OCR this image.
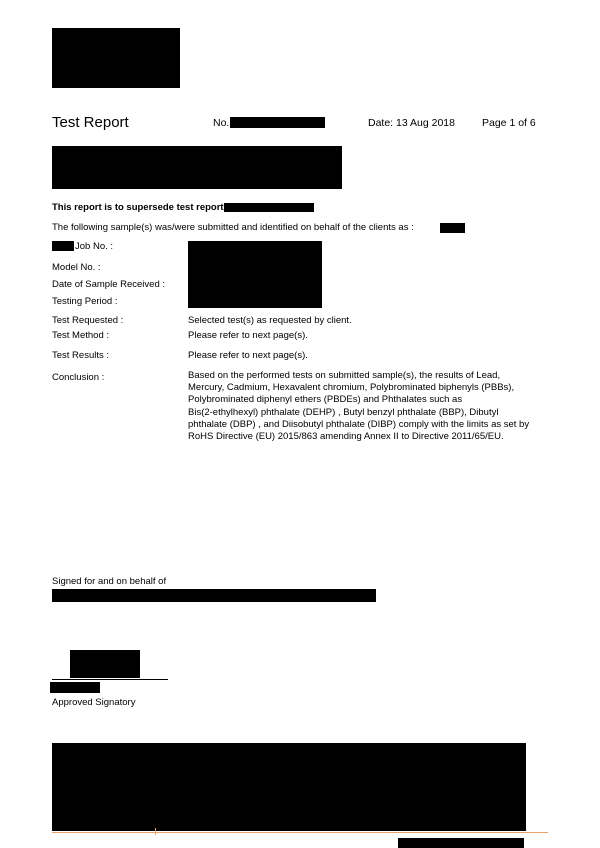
Test Report	No.	Date: 13 Aug 2018	Page 1 of 6
This report is to supersede test report
The following sample(s) was/were submitted and identified on behalf of the clients as :
Job No. :
Model No. :
Date of Sample Received :
Testing Period :
Test Requested :	Selected test(s) as requested by client.
Test Method :	Please refer to next page(s).
Test Results :	Please refer to next page(s).
Conclusion :	Based on the performed tests on submitted sample(s), the results of Lead,
Mercury, Cadmium, Hexavalent chromium, Polybrominated biphenyls (PBBs),
Polybrominated diphenyl ethers (PBDEs) and Phthalates such as
Bis(2-ethylhexyl) phthalate (DEHP) , Butyl benzyl phthalate (BBP), Dibutyl
phthalate (DBP) , and Diisobutyl phthalate (DIBP) comply with the limits as set by
RoHS Directive (EU) 2015/863 amending Annex II to Directive 2011/65/EU.
Signed for and on behalf of
Approved Signatory
